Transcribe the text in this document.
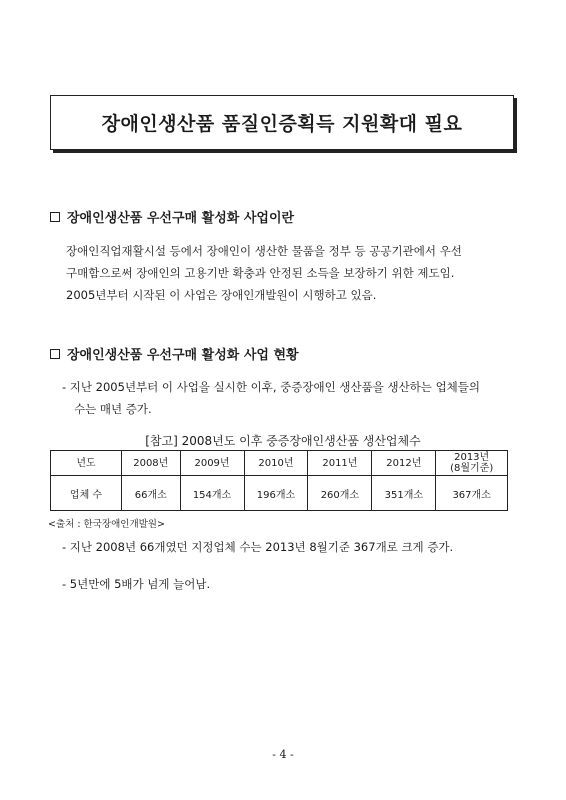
장애인생산품 품질인증획득 지원확대 필요
장애인생산품 우선구매 활성화 사업이란
장애인직업재활시설 등에서 장애인이 생산한 물품을 정부 등 공공기관에서 우선
구매함으로써 장애인의 고용기반 확충과 안정된 소득을 보장하기 위한 제도임.
2005년부터 시작된 이 사업은 장애인개발원이 시행하고 있음.
장애인생산품 우선구매 활성화 사업 현황
- 지난 2005년부터 이 사업을 실시한 이후, 중증장애인 생산품을 생산하는 업체들의
수는 매년 증가.
[참고] 2008년도 이후 중증장애인생산품 생산업체수
년도	2008년	2009년	2010년	2011년	2012년	2013년
(8월기준)

업체 수	66개소	154개소	196개소	260개소	351개소	367개소
<출처 : 한국장애인개발원>
- 지난 2008년 66개였던 지정업체 수는 2013년 8월기준 367개로 크게 증가.
- 5년만에 5배가 넘게 늘어남.
- 4 -
